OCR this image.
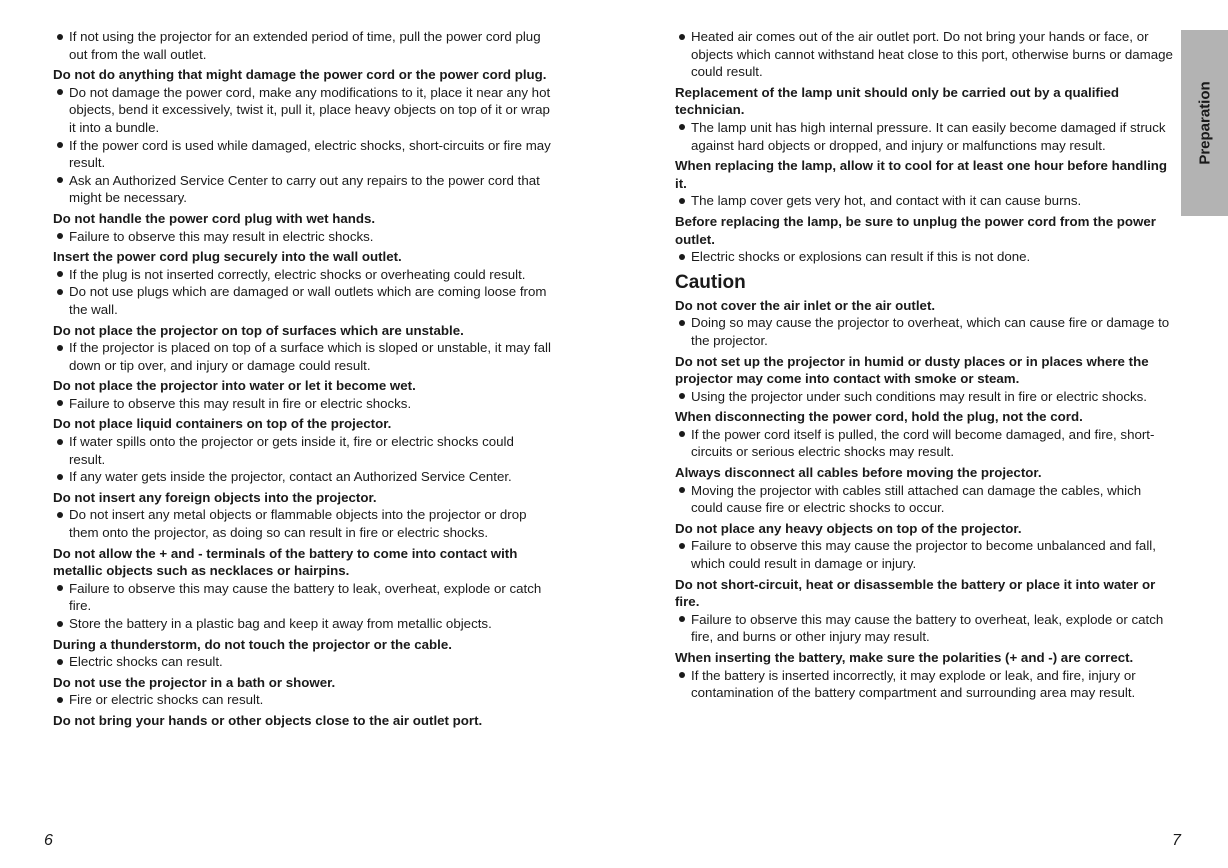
If not using the projector for an extended period of time, pull the power cord plug out from the wall outlet.
Do not do anything that might damage the power cord or the power cord plug.
Do not damage the power cord, make any modifications to it, place it near any hot objects, bend it excessively, twist it, pull it, place heavy objects on top of it or wrap it into a bundle.
If the power cord is used while damaged, electric shocks, short-circuits or fire may result.
Ask an Authorized Service Center to carry out any repairs to the power cord that might be necessary.
Do not handle the power cord plug with wet hands.
Failure to observe this may result in electric shocks.
Insert the power cord plug securely into the wall outlet.
If the plug is not inserted correctly, electric shocks or overheating could result.
Do not use plugs which are damaged or wall outlets which are coming loose from the wall.
Do not place the projector on top of surfaces which are unstable.
If the projector is placed on top of a surface which is sloped or unstable, it may fall down or tip over, and injury or damage could result.
Do not place the projector into water or let it become wet.
Failure to observe this may result in fire or electric shocks.
Do not place liquid containers on top of the projector.
If water spills onto the projector or gets inside it, fire or electric shocks could result.
If any water gets inside the projector, contact an Authorized Service Center.
Do not insert any foreign objects into the projector.
Do not insert any metal objects or flammable objects into the projector or drop them onto the projector, as doing so can result in fire or electric shocks.
Do not allow the + and - terminals of the battery to come into contact with metallic objects such as necklaces or hairpins.
Failure to observe this may cause the battery to leak, overheat, explode or catch fire.
Store the battery in a plastic bag and keep it away from metallic objects.
During a thunderstorm, do not touch the projector or the cable.
Electric shocks can result.
Do not use the projector in a bath or shower.
Fire or electric shocks can result.
Do not bring your hands or other objects close to the air outlet port.
6
Heated air comes out of the air outlet port. Do not bring your hands or face, or objects which cannot withstand heat close to this port, otherwise burns or damage could result.
Replacement of the lamp unit should only be carried out by a qualified technician.
The lamp unit has high internal pressure. It can easily become damaged if struck against hard objects or dropped, and injury or malfunctions may result.
When replacing the lamp, allow it to cool for at least one hour before handling it.
The lamp cover gets very hot, and contact with it can cause burns.
Before replacing the lamp, be sure to unplug the power cord from the power outlet.
Electric shocks or explosions can result if this is not done.
Caution
Do not cover the air inlet or the air outlet.
Doing so may cause the projector to overheat, which can cause fire or damage to the projector.
Do not set up the projector in humid or dusty places or in places where the projector may come into contact with smoke or steam.
Using the projector under such conditions may result in fire or electric shocks.
When disconnecting the power cord, hold the plug, not the cord.
If the power cord itself is pulled, the cord will become damaged, and fire, short-circuits or serious electric shocks may result.
Always disconnect all cables before moving the projector.
Moving the projector with cables still attached can damage the cables, which could cause fire or electric shocks to occur.
Do not place any heavy objects on top of the projector.
Failure to observe this may cause the projector to become unbalanced and fall, which could result in damage or injury.
Do not short-circuit, heat or disassemble the battery or place it into water or fire.
Failure to observe this may cause the battery to overheat, leak, explode or catch fire, and burns or other injury may result.
When inserting the battery, make sure the polarities (+ and -) are correct.
If the battery is inserted incorrectly, it may explode or leak, and fire, injury or contamination of the battery compartment and surrounding area may result.
7
Preparation
